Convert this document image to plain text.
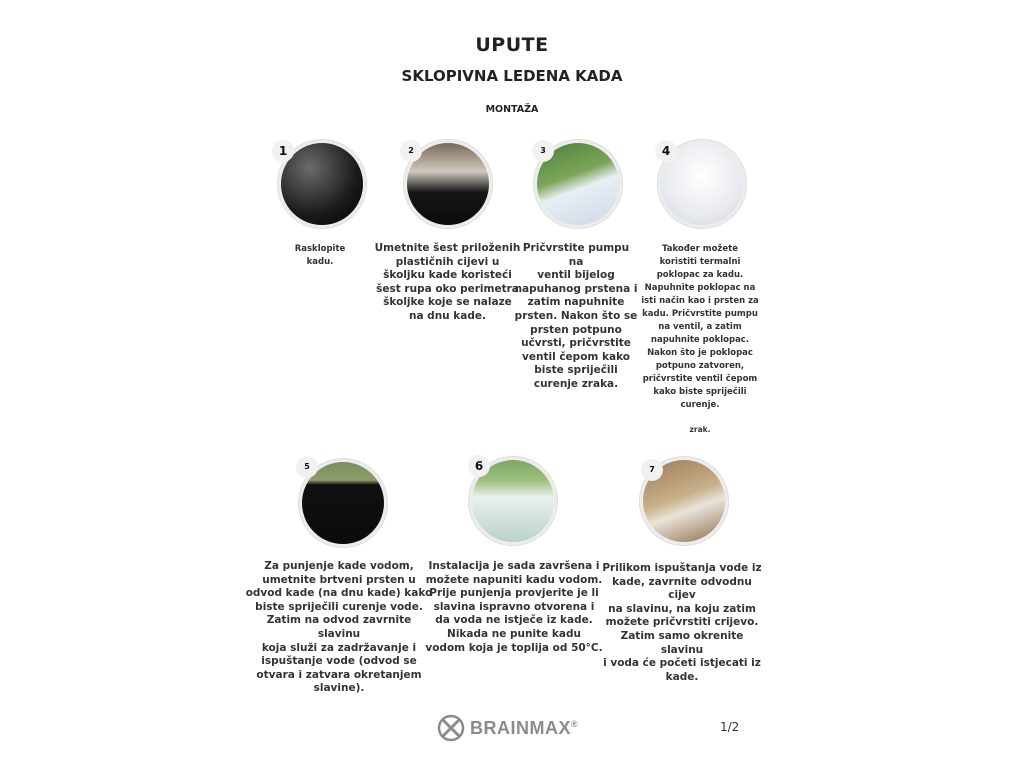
UPUTE
SKLOPIVNA LEDENA KADA
MONTAŽA
1
Rasklopite
kadu.
2
Umetnite šest priloženih
plastičnih cijevi u
školjku kade koristeći
šest rupa oko perimetra
školjke koje se nalaze
na dnu kade.
3
Pričvrstite pumpu na
ventil bijelog
napuhanog prstena i
zatim napuhnite
prsten. Nakon što se
prsten potpuno
učvrsti, pričvrstite
ventil čepom kako
biste spriječili
curenje zraka.
4
Također možete
koristiti termalni
poklopac za kadu.
Napuhnite poklopac na
isti način kao i prsten za
kadu. Pričvrstite pumpu
na ventil, a zatim
napuhnite poklopac.
Nakon što je poklopac
potpuno zatvoren,
pričvrstite ventil čepom
kako biste spriječili
curenje.
zrak.
5
Za punjenje kade vodom,
umetnite brtveni prsten u
odvod kade (na dnu kade) kako
biste spriječili curenje vode.
Zatim na odvod zavrnite slavinu
koja služi za zadržavanje i
ispuštanje vode (odvod se
otvara i zatvara okretanjem
slavine).
6
Instalacija je sada završena i
možete napuniti kadu vodom.
Prije punjenja provjerite je li
slavina ispravno otvorena i
da voda ne istječe iz kade.
Nikada ne punite kadu
vodom koja je toplija od 50°C.
7
Prilikom ispuštanja vode iz
kade, zavrnite odvodnu cijev
na slavinu, na koju zatim
možete pričvrstiti crijevo.
Zatim samo okrenite slavinu
i voda će početi istjecati iz
kade.
BRAINMAX®	1/2
